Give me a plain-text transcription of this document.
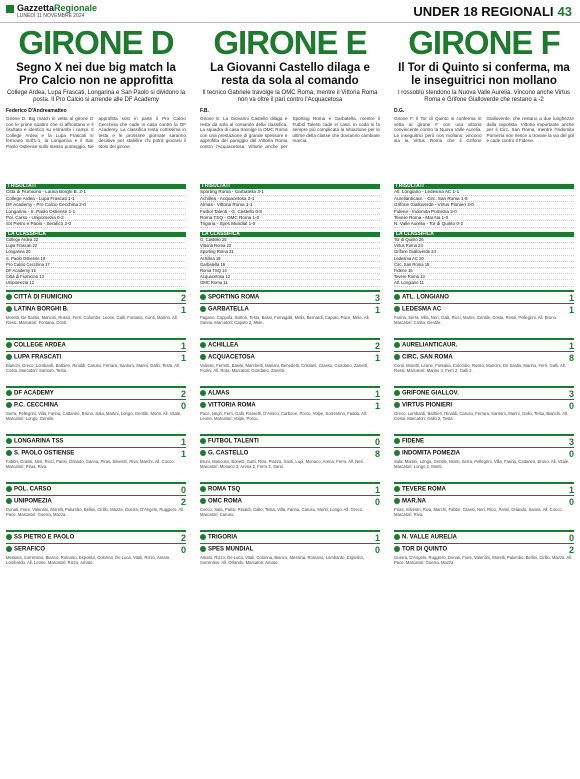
GazzettaRegionale
LUNEDÌ 11 NOVEMBRE 2024	UNDER 18 REGIONALI 43
GIRONE D
Segno X nei due big match la Pro Calcio non ne approfitta
College Ardea, Lupa Frascati, Longarina e San Paolo si dividono la posta. Il Pro Calcio si arrende alle DF Academy
Federico D'Andreamatteo
Girone D. Big match in vetta al girone D con le prime quattro che si affrontano e il risultato è identico su entrambi i campi. Il College Ardea e la Lupa Frascati si fermano sull'1-1, la Longarina e il San Paolo Ostiense sullo stesso punteggio. Ne approfitta solo in parte il Pro Calcio Cecchina che cade in casa contro la DF Academy. La classifica resta cortissima in testa e le prossime giornate saranno decisive per stabilire chi potrà giocarsi il titolo del girone.
I RISULTATI
Città di Fiumicino - Latina Borghi B. 2-1
College Ardea - Lupa Frascati 1-1
DF Academy - Pro Calcio Cecchina 2-0
Longarina - S. Paolo Ostiense 1-1
Pol. Carso - Unipomezia 0-2
SS Pietro e Paolo - Serafico 2-0
LA CLASSIFICA
College Ardea 22
Lupa Frascati 22
Longarina 20
S. Paolo Ostiense 19
Pro Calcio Cecchina 17
DF Academy 15
Città di Fiumicino 13
Unipomezia 12
CITTÀ DI FIUMICINO	2
LATINA BORGHI B.	1
Moretti, De Santis, Mancini, Russo, Ferri, Colombo, Leone, Galli, Fontana, Conti, Marino. All. Rossi. Marcatori: Fontana, Conti.
COLLEGE ARDEA	1
LUPA FRASCATI	1
Bianchi, Greco, Lombardi, Barbieri, Rinaldi, Caruso, Ferrara, Santoro, Marini, Gallo, Testa. All. Costa. Marcatori: Santoro, Testa.
DF ACADEMY	2
P.C. CECCHINA	0
Serra, Pellegrini, Villa, Farina, Cattaneo, Bruno, Sala, Martini, Longo, Gentile, Monti. All. Vitale. Marcatori: Longo, Gentile.
LONGARINA TSS	1
S. PAOLO OSTIENSE	1
Fabbri, Grassi, Neri, Ricci, Parisi, Orlando, Sanna, Piras, Silvestri, Riva, Marchi. All. Cocco. Marcatori: Piras, Riva.
POL. CARSO	0
UNIPOMEZIA	2
Donati, Fiore, Valentini, Morelli, Palumbo, Bellini, Cirillo, Mazza, Guerra, D'Angelo, Ruggiero. All. Pace. Marcatori: Guerra, Mazza.
SS PIETRO E PAOLO	2
SERAFICO	0
Messina, Sorrentino, Bianco, Romano, Esposito, Colonna, De Luca, Vitali, Rizzo, Amato, Lombardo. All. Leone. Marcatori: Rizzo, Amato.
GIRONE E
La Giovanni Castello dilaga e resta da sola al comando
Il tecnico Gabriele travolge la OMC Roma, mentre il Vittoria Roma non va oltre il pari contro l'Acquacetosa
F.B.
Girone E. La Giovanni Castello dilaga e resta da sola al comando della classifica. La squadra di casa travolge la OMC Roma con una prestazione di grande spessore e approfitta del pareggio del Vittoria Roma contro l'Acquacetosa. Vittorie anche per Sporting Roma e Garbatella, mentre il Futbol Talenti cade in casa. In coda si fa sempre più complicata la situazione per le ultime della classe che dovranno cambiare marcia.
I RISULTATI
Sporting Roma - Garbatella 3-1
Achillea - Acquacetosa 2-1
Almas - Vittoria Roma 1-1
Futbol Talenti - G. Castello 0-8
Roma TSQ - OMC Roma 1-0
Trigoria - Spes Mundial 1-0
LA CLASSIFICA
G. Castello 25
Vittoria Roma 23
Sporting Roma 21
Achillea 18
Garbatella 16
Roma TSQ 14
Acquacetosa 12
OMC Roma 11
SPORTING ROMA	3
GARBATELLA	1
Pagano, Coppola, Sartori, Testa, Bassi, Fumagalli, Melis, Bernardi, Caputo, Pace, Mele. All. Sanna. Marcatori: Caputo 2, Mele.
ACHILLEA	2
ACQUACETOSA	1
Valente, Ferretti, Basile, Marchetti, Mariani, Benedetti, Cristiani, Grasso, Giordano, Zanetti, Fiorini. All. Rota. Marcatori: Giordano, Zanetti.
ALMAS	1
VITTORIA ROMA	1
Pace, Negri, Ferri, Galli, Rossetti, D'Amico, Carbone, Porcu, Volpe, Sorrentino, Fadda. All. Leone. Marcatori: Volpe, Porcu.
FUTBOL TALENTI	0
G. CASTELLO	8
Bruni, Mancuso, Bonetti, Gatti, Riva, Piazza, Santi, Lupi, Monaco, Arena, Ferro. All. Neri. Marcatori: Monaco 3, Arena 2, Ferro 2, Santi.
ROMA TSQ	1
OMC ROMA	0
Cocco, Sala, Parisi, Rinaldi, Gallo, Testa, Villa, Farina, Caruso, Monti, Longo. All. Greco. Marcatori: Caruso.
TRIGORIA	1
SPES MUNDIAL	0
Amato, Rizzo, De Luca, Vitali, Colonna, Bianco, Messina, Romano, Lombardo, Esposito, Sorrentino. All. Orlando. Marcatori: Amato.
GIRONE F
Il Tor di Quinto si conferma, ma le inseguitrici non mollano
I rossoblù stendono la Nuova Valle Aurelia. Vincono anche Virtus Roma e Grifone Gialloverde che restano a -2
D.G.
Girone F. Il Tor di Quinto si conferma in vetta al girone F con una vittoria convincente contro la Nuova Valle Aurelia. Le inseguitrici però non mollano: vincono sia la Virtus Roma che il Grifone Gialloverde, che restano a due lunghezze dalla capolista. Vittoria importante anche per il Circ. San Roma, mentre l'Indomita Pomezia non riesce a trovare la via del gol e cade contro il Fidene.
I RISULTATI
Atl. Longiano - Ledesma AC 1-1
Aurelianticaur. - Circ. San Roma 1-8
Grifone Gialloverde - Virtus Pionieri 3-0
Fidene - Indomita Pomezia 3-0
Tevere Roma - Mar.Na 1-0
N. Valle Aurelia - Tor di Quinto 0-2
LA CLASSIFICA
Tor di Quinto 26
Virtus Roma 24
Grifone Gialloverde 24
Ledesma AC 20
Circ. San Roma 18
Fidene 16
Tevere Roma 13
Atl. Longiano 11
ATL. LONGIANO	1
LEDESMA AC	1
Farina, Serra, Villa, Neri, Galli, Ricci, Marini, Gentile, Costa, Rossi, Pellegrini. All. Bruno. Marcatori: Costa, Gentile.
AURELIANTICAUR.	1
CIRC. SAN ROMA	8
Conti, Moretti, Leone, Fontana, Colombo, Russo, Mancini, De Santis, Marino, Ferri, Galli. All. Rossi. Marcatori: Marino 4, Ferri 2, Galli 2.
GRIFONE GIALLOV.	3
VIRTUS PIONIERI	0
Greco, Lombardi, Barbieri, Rinaldi, Caruso, Ferrara, Santoro, Marini, Gallo, Testa, Bianchi. All. Costa. Marcatori: Gallo 2, Testa.
FIDENE	3
INDOMITA POMEZIA	0
Sala, Martini, Longo, Gentile, Monti, Serra, Pellegrini, Villa, Farina, Cattaneo, Bruno. All. Vitale. Marcatori: Longo 2, Monti.
TEVERE ROMA	1
MAR.NA	0
Piras, Silvestri, Riva, Marchi, Fabbri, Grassi, Neri, Ricci, Parisi, Orlando, Sanna. All. Cocco. Marcatori: Riva.
N. VALLE AURELIA	0
TOR DI QUINTO	2
Guerra, D'Angelo, Ruggiero, Donati, Fiore, Valentini, Morelli, Palumbo, Bellini, Cirillo, Mazza. All. Pace. Marcatori: Guerra, Mazza.
